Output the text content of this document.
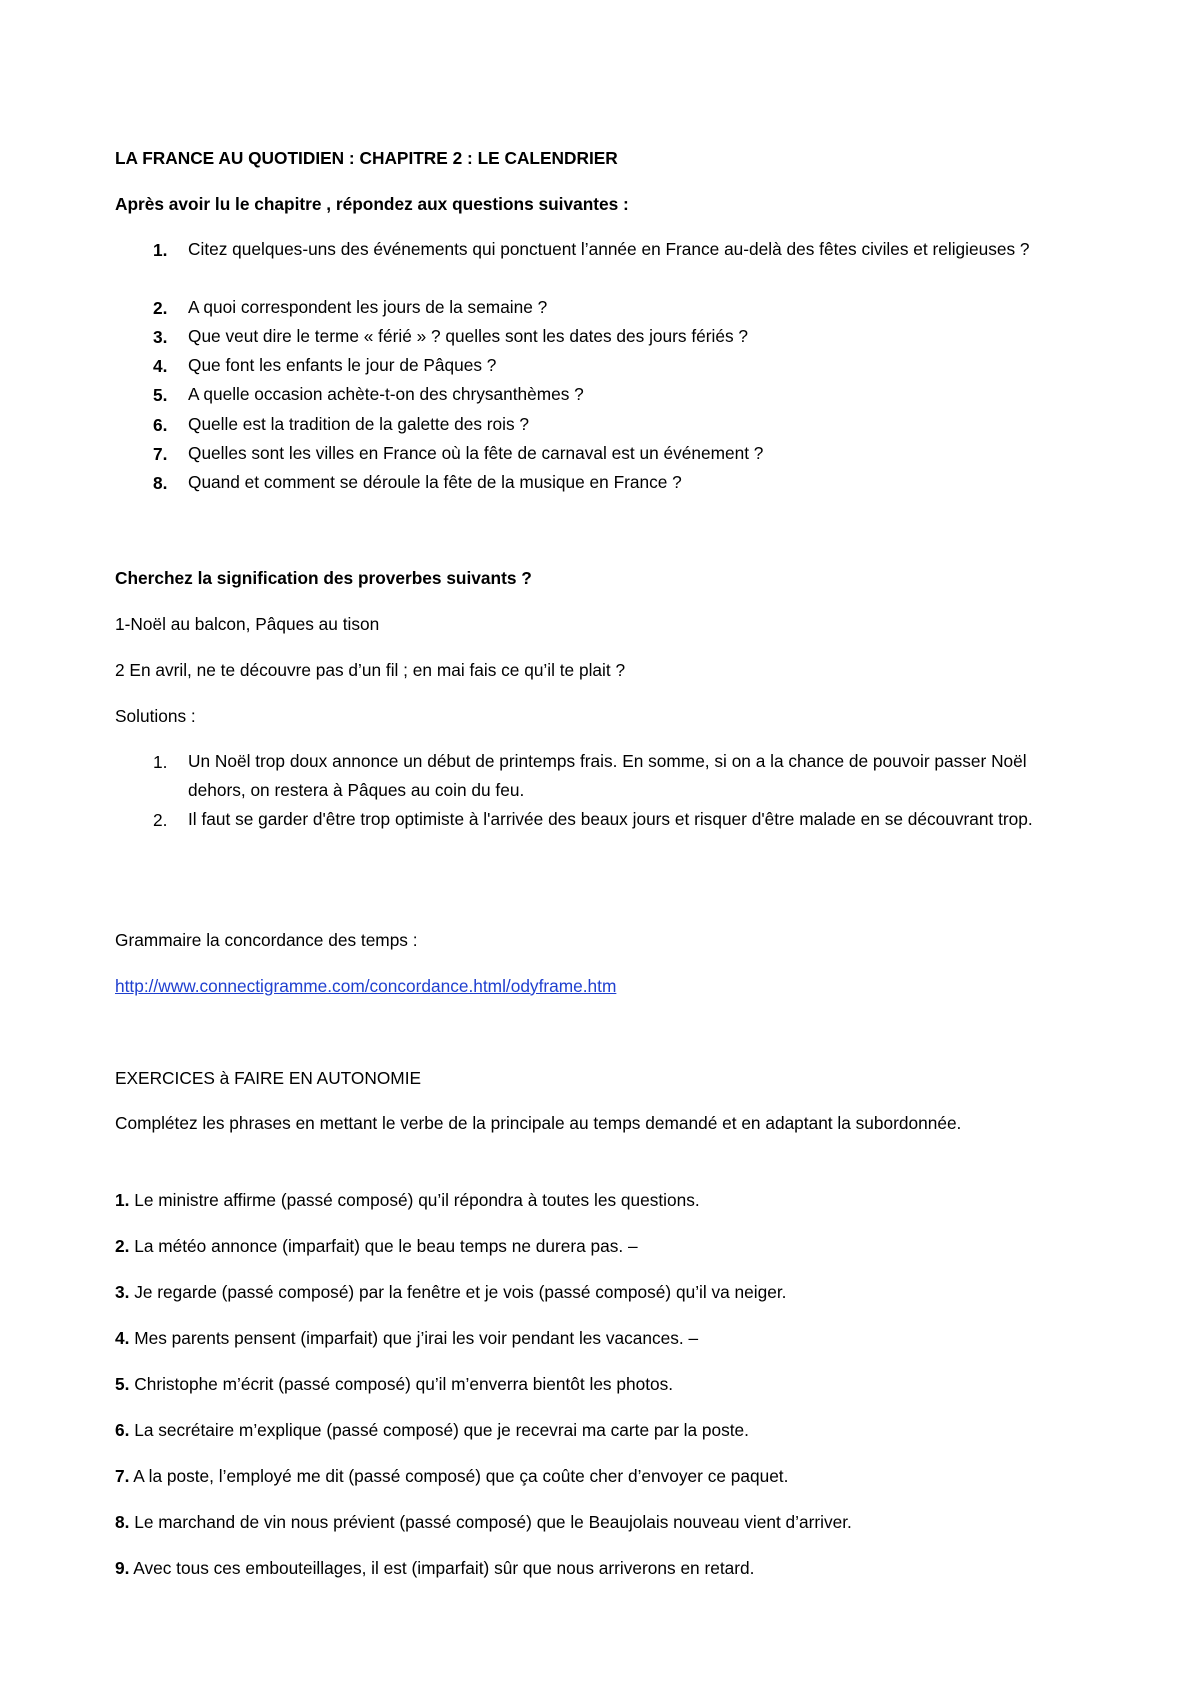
LA FRANCE AU QUOTIDIEN : CHAPITRE 2 : LE CALENDRIER
Après avoir lu le chapitre , répondez aux questions suivantes :
1. Citez quelques-uns des événements qui ponctuent l’année en France au-delà des fêtes civiles et religieuses ?
2. A quoi correspondent les jours de la semaine ?
3. Que veut dire le terme « férié » ? quelles sont les dates des jours fériés ?
4. Que font les enfants le jour de Pâques ?
5. A quelle occasion achète-t-on des chrysanthèmes ?
6. Quelle est la tradition de la galette des rois ?
7. Quelles sont les villes en France où la fête de carnaval est un événement ?
8. Quand et comment se déroule la fête de la musique en France ?
Cherchez la signification des proverbes suivants ?
1-Noël au balcon, Pâques au tison
2 En avril, ne te découvre pas d’un fil ; en mai fais ce qu’il te plait ?
Solutions :
1. Un Noël trop doux annonce un début de printemps frais. En somme, si on a la chance de pouvoir passer Noël dehors, on restera à Pâques au coin du feu.
2. Il faut se garder d'être trop optimiste à l'arrivée des beaux jours et risquer d'être malade en se découvrant trop.
Grammaire la concordance des temps :
http://www.connectigramme.com/concordance.html/odyframe.htm
EXERCICES à FAIRE EN AUTONOMIE
Complétez les phrases en mettant le verbe de la principale au temps demandé et en adaptant la subordonnée.
1. Le ministre affirme (passé composé) qu’il répondra à toutes les questions.
2. La météo annonce (imparfait) que le beau temps ne durera pas. –
3. Je regarde (passé composé) par la fenêtre et je vois (passé composé) qu’il va neiger.
4. Mes parents pensent (imparfait) que j’irai les voir pendant les vacances. –
5. Christophe m’écrit (passé composé) qu’il m’enverra bientôt les photos.
6. La secrétaire m’explique (passé composé) que je recevrai ma carte par la poste.
7. A la poste, l’employé me dit (passé composé) que ça coûte cher d’envoyer ce paquet.
8. Le marchand de vin nous prévient (passé composé) que le Beaujolais nouveau vient d’arriver.
9. Avec tous ces embouteillages, il est (imparfait) sûr que nous arriverons en retard.
